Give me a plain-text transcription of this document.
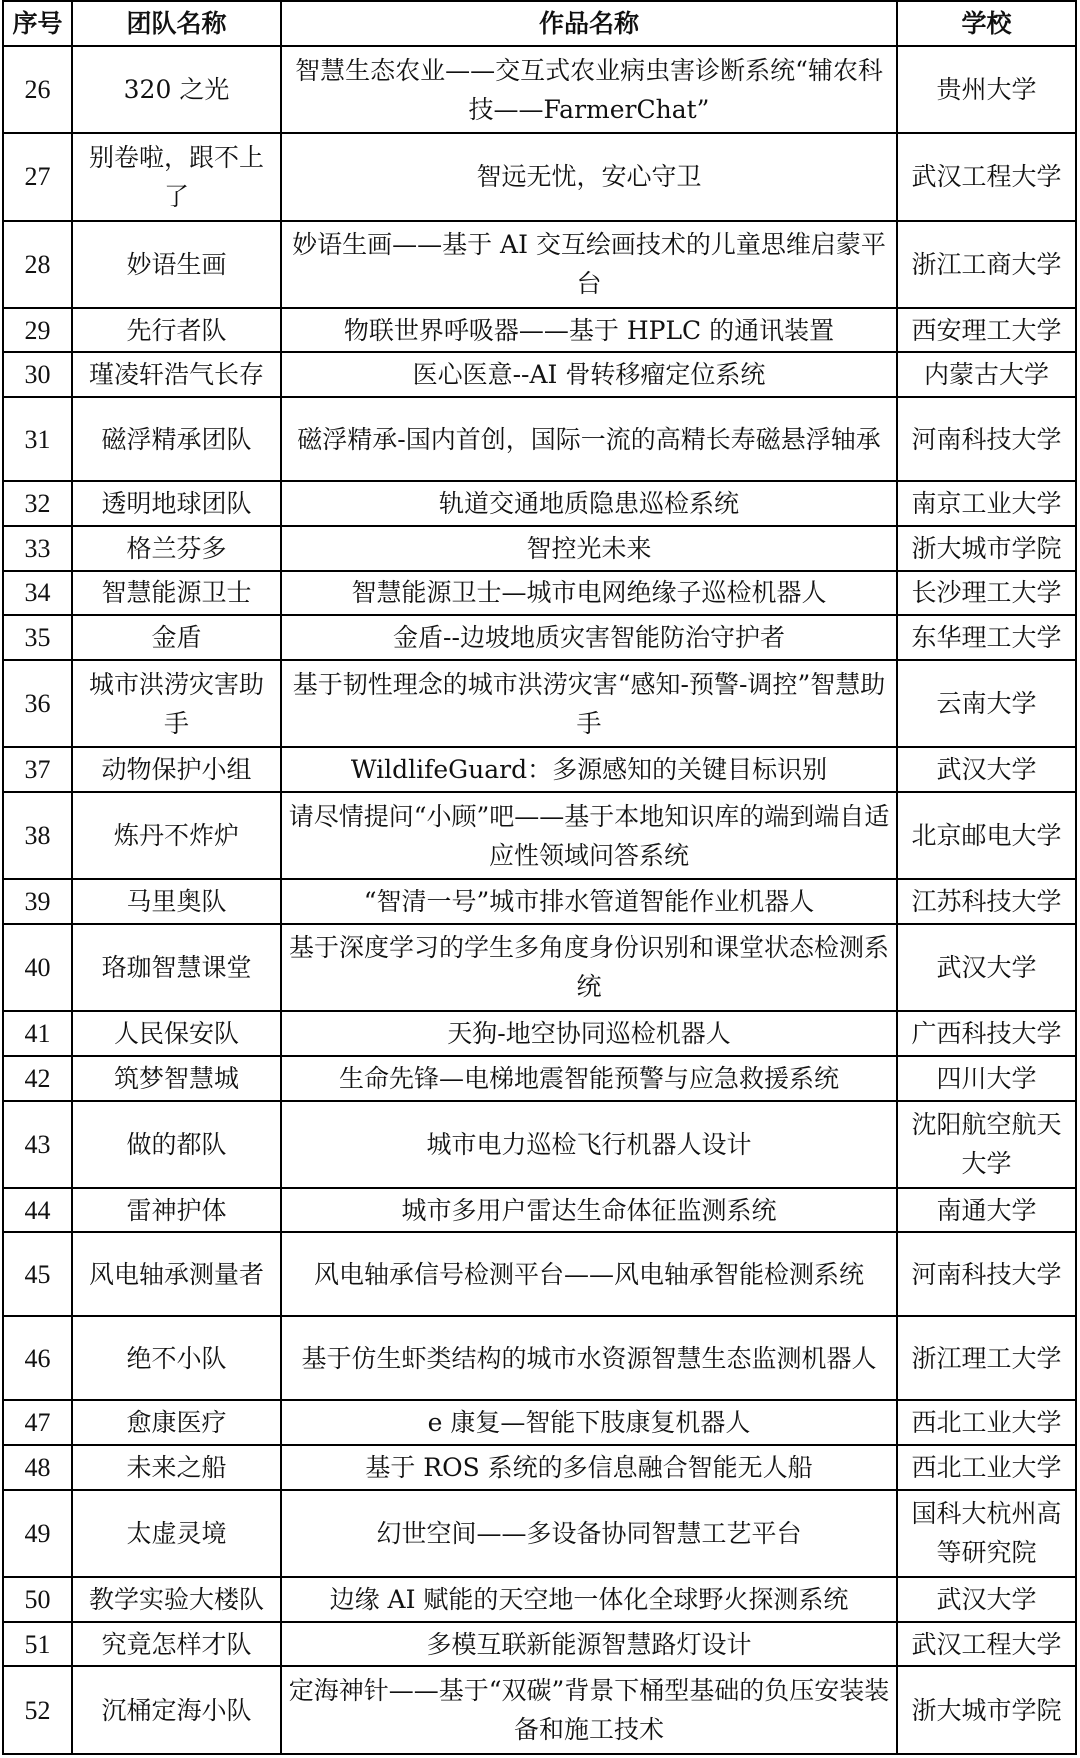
序号	团队名称	作品名称	学校
26	320 之光	智慧生态农业——交互式农业病虫害诊断系统“辅农科技——FarmerChat”	贵州大学
27	别卷啦，跟不上了	智远无忧，安心守卫	武汉工程大学
28	妙语生画	妙语生画——基于 AI 交互绘画技术的儿童思维启蒙平台	浙江工商大学
29	先行者队	物联世界呼吸器——基于 HPLC 的通讯装置	西安理工大学
30	瑾凌轩浩气长存	医心医意--AI 骨转移瘤定位系统	内蒙古大学
31	磁浮精承团队	磁浮精承-国内首创，国际一流的高精长寿磁悬浮轴承	河南科技大学
32	透明地球团队	轨道交通地质隐患巡检系统	南京工业大学
33	格兰芬多	智控光未来	浙大城市学院
34	智慧能源卫士	智慧能源卫士—城市电网绝缘子巡检机器人	长沙理工大学
35	金盾	金盾--边坡地质灾害智能防治守护者	东华理工大学
36	城市洪涝灾害助手	基于韧性理念的城市洪涝灾害“感知-预警-调控”智慧助手	云南大学
37	动物保护小组	WildlifeGuard：多源感知的关键目标识别	武汉大学
38	炼丹不炸炉	请尽情提问“小顾”吧——基于本地知识库的端到端自适应性领域问答系统	北京邮电大学
39	马里奥队	“智清一号”城市排水管道智能作业机器人	江苏科技大学
40	珞珈智慧课堂	基于深度学习的学生多角度身份识别和课堂状态检测系统	武汉大学
41	人民保安队	天狗-地空协同巡检机器人	广西科技大学
42	筑梦智慧城	生命先锋—电梯地震智能预警与应急救援系统	四川大学
43	做的都队	城市电力巡检飞行机器人设计	沈阳航空航天大学
44	雷神护体	城市多用户雷达生命体征监测系统	南通大学
45	风电轴承测量者	风电轴承信号检测平台——风电轴承智能检测系统	河南科技大学
46	绝不小队	基于仿生虾类结构的城市水资源智慧生态监测机器人	浙江理工大学
47	愈康医疗	e 康复—智能下肢康复机器人	西北工业大学
48	未来之船	基于 ROS 系统的多信息融合智能无人船	西北工业大学
49	太虚灵境	幻世空间——多设备协同智慧工艺平台	国科大杭州高等研究院
50	教学实验大楼队	边缘 AI 赋能的天空地一体化全球野火探测系统	武汉大学
51	究竟怎样才队	多模互联新能源智慧路灯设计	武汉工程大学
52	沉桶定海小队	定海神针——基于“双碳”背景下桶型基础的负压安装装备和施工技术	浙大城市学院
